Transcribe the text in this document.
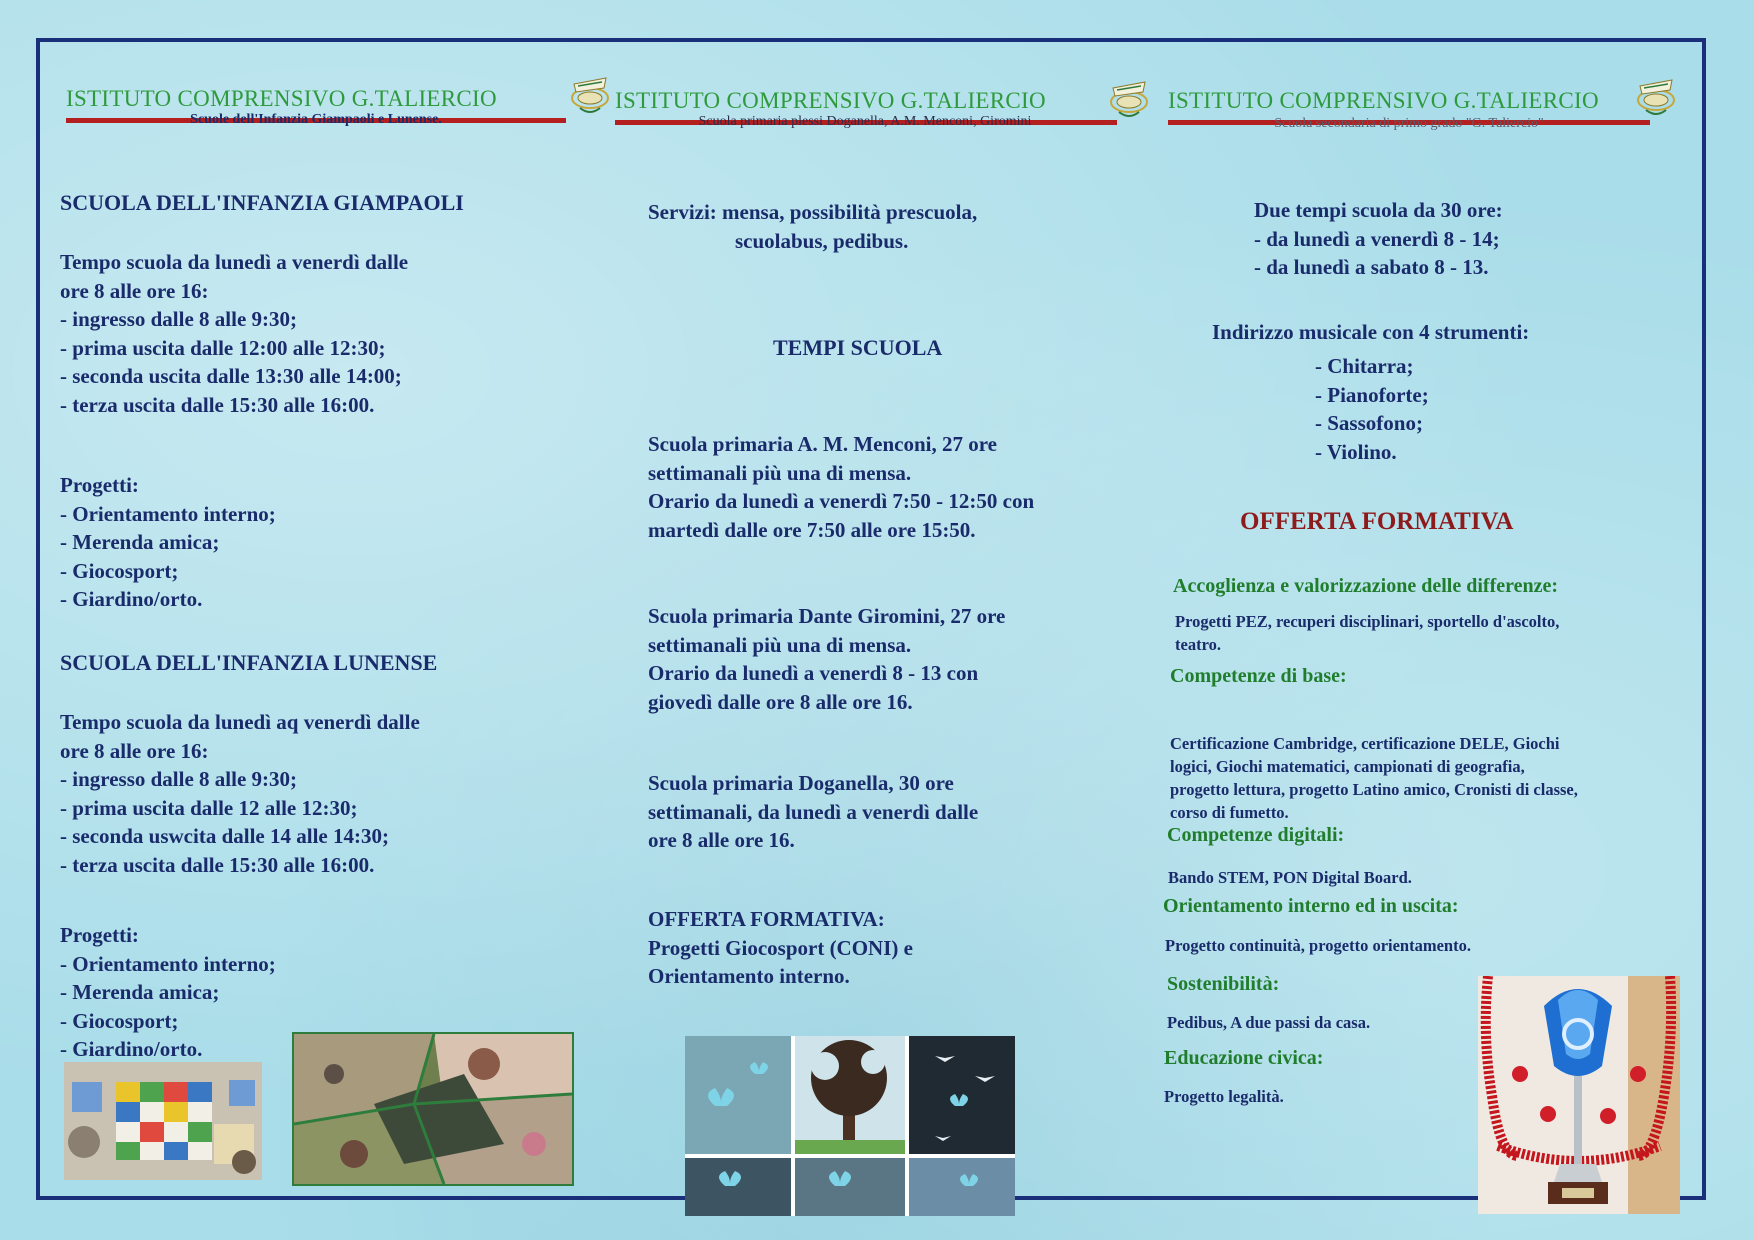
ISTITUTO COMPRENSIVO G.TALIERCIO
Scuole dell'Infanzia Giampaoli e Lunense.
SCUOLA DELL'INFANZIA GIAMPAOLI
Tempo scuola da lunedì a venerdì dalle
ore 8 alle ore 16:
- ingresso dalle 8 alle 9:30;
- prima uscita dalle 12:00 alle 12:30;
- seconda uscita dalle 13:30 alle 14:00;
- terza uscita dalle 15:30 alle 16:00.
Progetti:
- Orientamento interno;
- Merenda amica;
- Giocosport;
- Giardino/orto.
SCUOLA DELL'INFANZIA LUNENSE
Tempo scuola da lunedì aq venerdì dalle
ore 8 alle ore 16:
- ingresso dalle 8 alle 9:30;
- prima uscita dalle 12 alle 12:30;
- seconda uswcita dalle 14 alle 14:30;
- terza uscita dalle 15:30 alle 16:00.
Progetti:
- Orientamento interno;
- Merenda amica;
- Giocosport;
- Giardino/orto.
ISTITUTO COMPRENSIVO G.TALIERCIO
Scuola primaria plessi Doganella, A.M. Menconi, Giromini
Servizi: mensa, possibilità prescuola,
scuolabus, pedibus.
TEMPI SCUOLA
Scuola primaria A. M. Menconi, 27 ore
settimanali più una di mensa.
Orario da lunedì a venerdì 7:50 - 12:50 con
martedì dalle ore 7:50 alle ore 15:50.
Scuola primaria Dante Giromini, 27 ore
settimanali più una di mensa.
Orario da lunedì a venerdì 8 - 13 con
giovedì dalle ore 8 alle ore 16.
Scuola primaria Doganella, 30 ore
settimanali, da lunedì a venerdì dalle
ore 8 alle ore 16.
OFFERTA FORMATIVA:
Progetti Giocosport (CONI) e
Orientamento interno.
ISTITUTO COMPRENSIVO G.TALIERCIO
Scuola secondaria di primo grado "G. Taliercio"
Due tempi scuola da 30 ore:
- da lunedì a venerdì 8 - 14;
- da lunedì a sabato 8 - 13.
Indirizzo musicale con 4 strumenti:
- Chitarra;
- Pianoforte;
- Sassofono;
- Violino.
OFFERTA FORMATIVA
Accoglienza e valorizzazione delle differenze:
Progetti PEZ, recuperi disciplinari, sportello d'ascolto,
teatro.
Competenze di base:
Certificazione Cambridge, certificazione DELE, Giochi
logici, Giochi matematici, campionati di geografia,
progetto lettura, progetto Latino amico, Cronisti di classe,
corso di fumetto.
Competenze digitali:
Bando STEM, PON Digital Board.
Orientamento interno ed in uscita:
Progetto continuità, progetto orientamento.
Sostenibilità:
Pedibus, A due passi da casa.
Educazione civica:
Progetto legalità.
